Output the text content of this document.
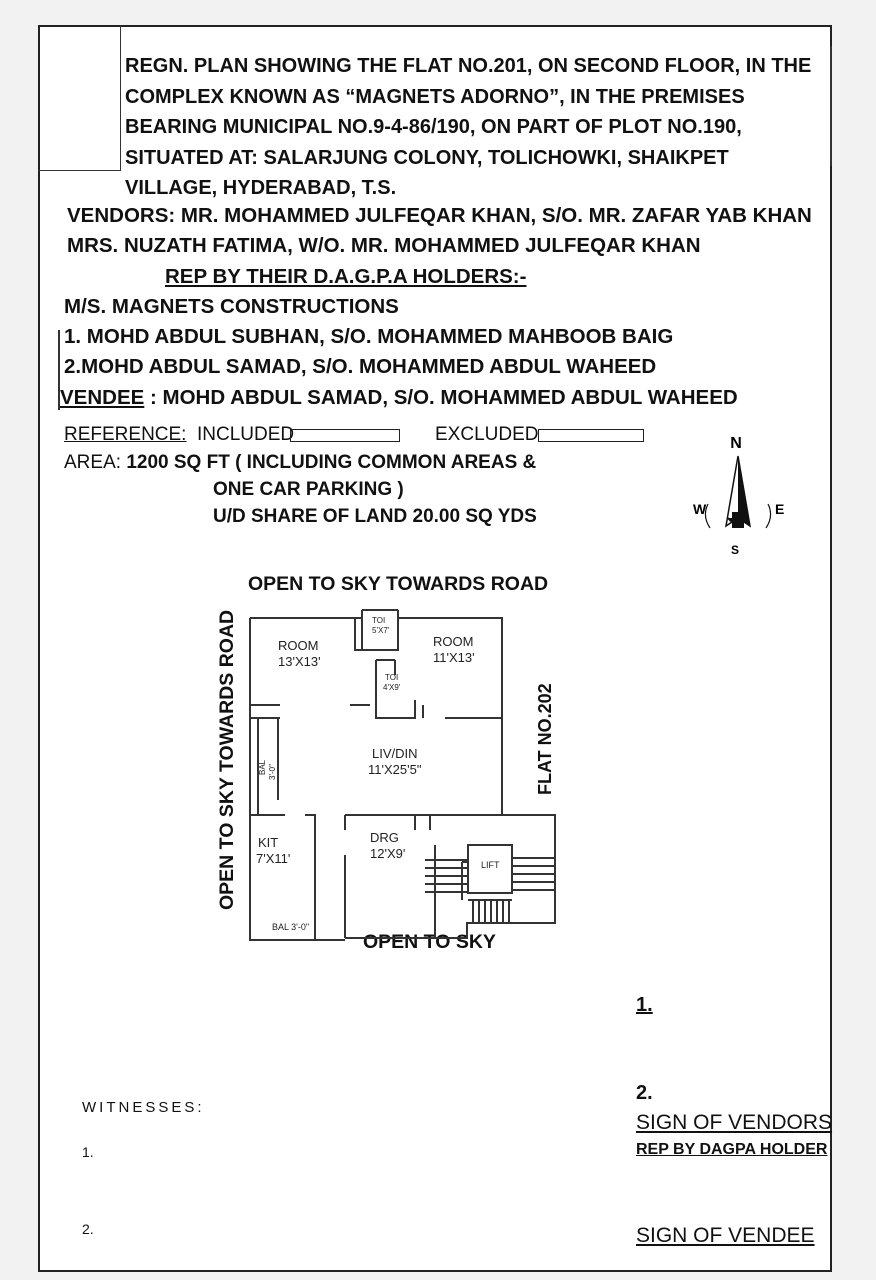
REGN. PLAN SHOWING THE FLAT NO.201, ON SECOND FLOOR, IN THE
COMPLEX KNOWN AS “MAGNETS ADORNO”, IN THE PREMISES
BEARING MUNICIPAL NO.9-4-86/190, ON PART OF PLOT NO.190,
SITUATED AT: SALARJUNG COLONY, TOLICHOWKI, SHAIKPET
VILLAGE, HYDERABAD, T.S.
VENDORS: MR. MOHAMMED JULFEQAR KHAN, S/O. MR. ZAFAR YAB KHAN
MRS. NUZATH FATIMA, W/O. MR. MOHAMMED JULFEQAR KHAN
REP BY THEIR D.A.G.P.A HOLDERS:-
M/S. MAGNETS CONSTRUCTIONS
1. MOHD ABDUL SUBHAN, S/O. MOHAMMED MAHBOOB BAIG
2.MOHD ABDUL SAMAD, S/O. MOHAMMED ABDUL WAHEED
VENDEE : MOHD ABDUL SAMAD, S/O. MOHAMMED ABDUL WAHEED
REFERENCE: INCLUDED	EXCLUDED
AREA: 1200 SQ FT ( INCLUDING COMMON AREAS &
ONE CAR PARKING )
U/D SHARE OF LAND 20.00 SQ YDS
N
W	E
S
OPEN TO SKY TOWARDS ROAD
OPEN TO SKY TOWARDS ROAD	FLAT NO.202
OPEN TO SKY
ROOM
13'X13'
ROOM
11'X13'
TOI
5'X7'
TOI
4'X9'
LIV/DIN
11'X25'5"
KIT
7'X11'
DRG
12'X9'
LIFT
BAL 3'-0"
BAL 3'-0"
1.
2.
SIGN OF VENDORS
REP BY DAGPA HOLDER
SIGN OF VENDEE
WITNESSES:
1.
2.
